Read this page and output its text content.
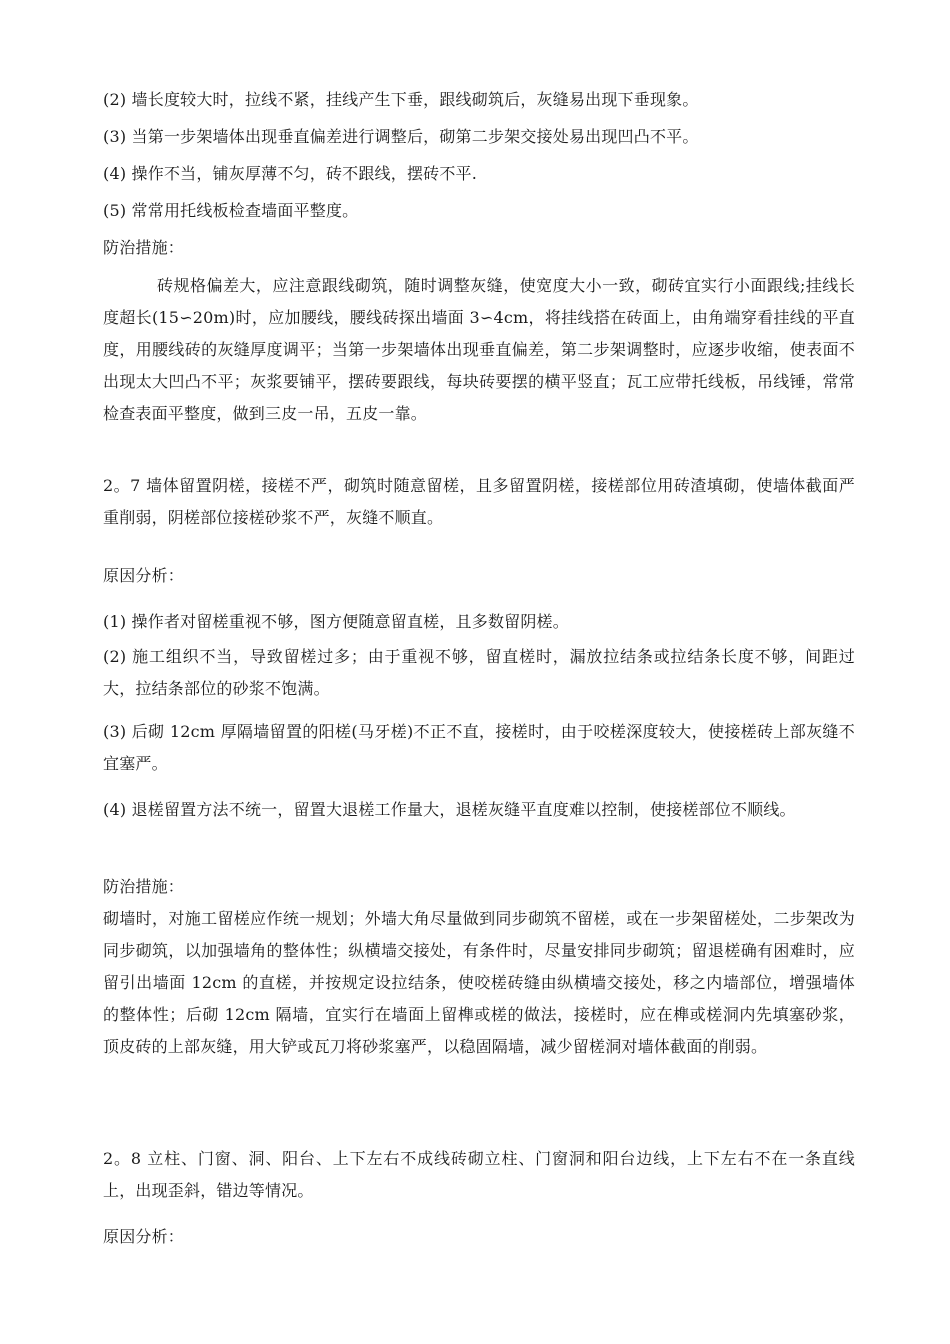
(2) 墙长度较大时，拉线不紧，挂线产生下垂，跟线砌筑后，灰缝易出现下垂现象。
(3) 当第一步架墙体出现垂直偏差进行调整后，砌第二步架交接处易出现凹凸不平。
(4) 操作不当，铺灰厚薄不匀，砖不跟线，摆砖不平.
(5) 常常用托线板检查墙面平整度。
防治措施：
砖规格偏差大，应注意跟线砌筑，随时调整灰缝，使宽度大小一致，砌砖宜实行小面跟线;挂线长度超长(15∽20m)时，应加腰线，腰线砖探出墙面 3∽4cm，将挂线搭在砖面上，由角端穿看挂线的平直度，用腰线砖的灰缝厚度调平；当第一步架墙体出现垂直偏差，第二步架调整时，应逐步收缩，使表面不出现太大凹凸不平；灰浆要铺平，摆砖要跟线，每块砖要摆的横平竖直；瓦工应带托线板，吊线锤，常常检查表面平整度，做到三皮一吊，五皮一靠。
2。7 墙体留置阴槎，接槎不严，砌筑时随意留槎，且多留置阴槎，接槎部位用砖渣填砌，使墙体截面严重削弱，阴槎部位接槎砂浆不严，灰缝不顺直。
原因分析：
(1) 操作者对留槎重视不够，图方便随意留直槎，且多数留阴槎。
(2) 施工组织不当，导致留槎过多；由于重视不够，留直槎时，漏放拉结条或拉结条长度不够，间距过大，拉结条部位的砂浆不饱满。
(3) 后砌 12cm 厚隔墙留置的阳槎(马牙槎)不正不直，接槎时，由于咬槎深度较大，使接槎砖上部灰缝不宜塞严。
(4) 退槎留置方法不统一，留置大退槎工作量大，退槎灰缝平直度难以控制，使接槎部位不顺线。
防治措施：
砌墙时，对施工留槎应作统一规划；外墙大角尽量做到同步砌筑不留槎，或在一步架留槎处，二步架改为同步砌筑，以加强墙角的整体性；纵横墙交接处，有条件时，尽量安排同步砌筑；留退槎确有困难时，应留引出墙面 12cm 的直槎，并按规定设拉结条，使咬槎砖缝由纵横墙交接处，移之内墙部位，增强墙体的整体性；后砌 12cm 隔墙，宜实行在墙面上留榫或槎的做法，接槎时，应在榫或槎洞内先填塞砂浆，顶皮砖的上部灰缝，用大铲或瓦刀将砂浆塞严，以稳固隔墙，减少留槎洞对墙体截面的削弱。
2。8 立柱、门窗、洞、阳台、上下左右不成线砖砌立柱、门窗洞和阳台边线，上下左右不在一条直线上，出现歪斜，错边等情况。
原因分析：
